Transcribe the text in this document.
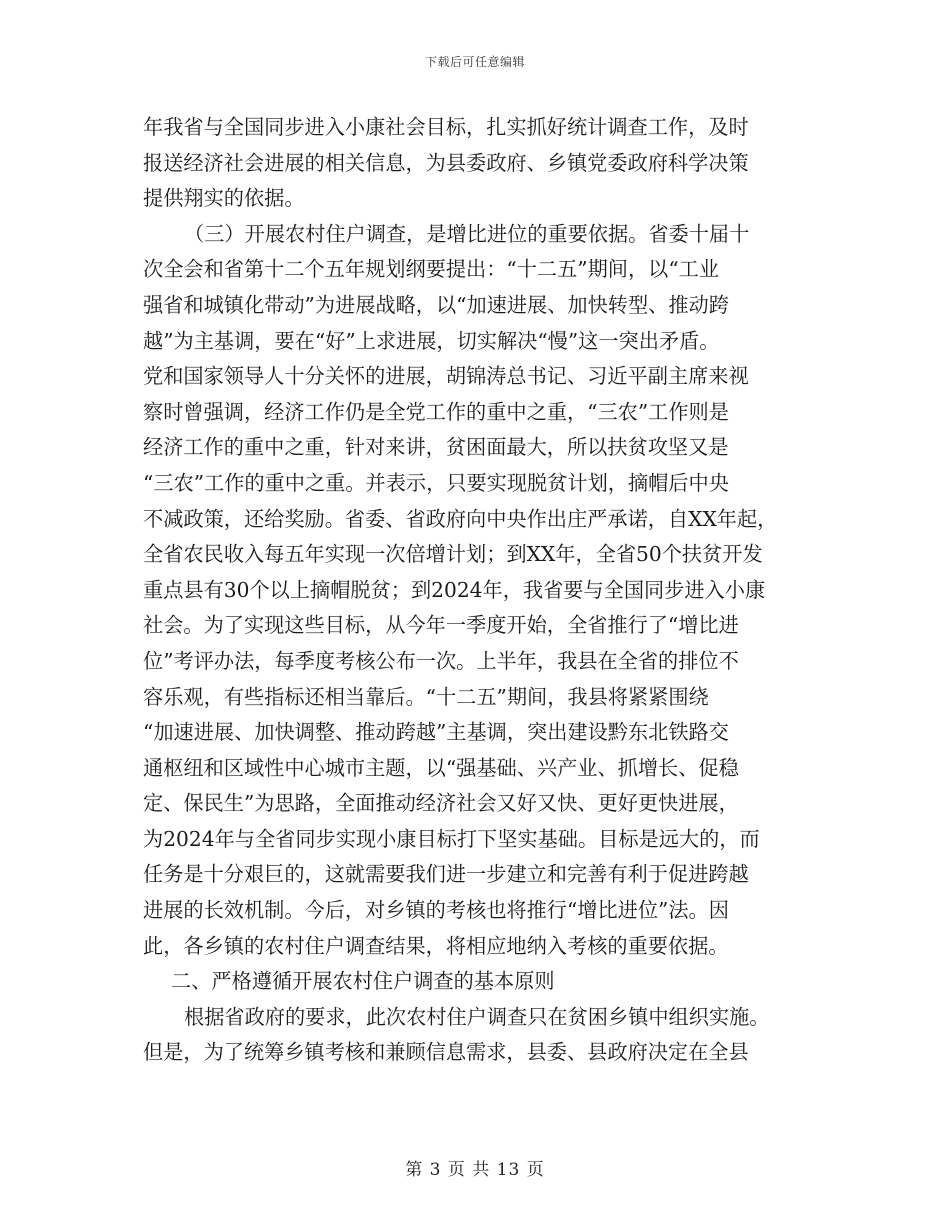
下载后可任意编辑
年我省与全国同步进入小康社会目标，扎实抓好统计调查工作，及时
报送经济社会进展的相关信息，为县委政府、乡镇党委政府科学决策
提供翔实的依据。
（三）开展农村住户调查，是增比进位的重要依据。省委十届十
次全会和省第十二个五年规划纲要提出：“十二五”期间，以“工业
强省和城镇化带动”为进展战略，以“加速进展、加快转型、推动跨
越”为主基调，要在“好”上求进展，切实解决“慢”这一突出矛盾。
党和国家领导人十分关怀的进展，胡锦涛总书记、习近平副主席来视
察时曾强调，经济工作仍是全党工作的重中之重，“三农”工作则是
经济工作的重中之重，针对来讲，贫困面最大，所以扶贫攻坚又是
“三农”工作的重中之重。并表示，只要实现脱贫计划，摘帽后中央
不减政策，还给奖励。省委、省政府向中央作出庄严承诺，自XX年起，
全省农民收入每五年实现一次倍增计划；到XX年，全省50个扶贫开发
重点县有30个以上摘帽脱贫；到2024年，我省要与全国同步进入小康
社会。为了实现这些目标，从今年一季度开始，全省推行了“增比进
位”考评办法，每季度考核公布一次。上半年，我县在全省的排位不
容乐观，有些指标还相当靠后。“十二五”期间，我县将紧紧围绕
“加速进展、加快调整、推动跨越”主基调，突出建设黔东北铁路交
通枢纽和区域性中心城市主题，以“强基础、兴产业、抓增长、促稳
定、保民生”为思路，全面推动经济社会又好又快、更好更快进展，
为2024年与全省同步实现小康目标打下坚实基础。目标是远大的，而
任务是十分艰巨的，这就需要我们进一步建立和完善有利于促进跨越
进展的长效机制。今后，对乡镇的考核也将推行“增比进位”法。因
此，各乡镇的农村住户调查结果，将相应地纳入考核的重要依据。
二、严格遵循开展农村住户调查的基本原则
根据省政府的要求，此次农村住户调查只在贫困乡镇中组织实施。
但是，为了统筹乡镇考核和兼顾信息需求，县委、县政府决定在全县
第 3 页 共 13 页
